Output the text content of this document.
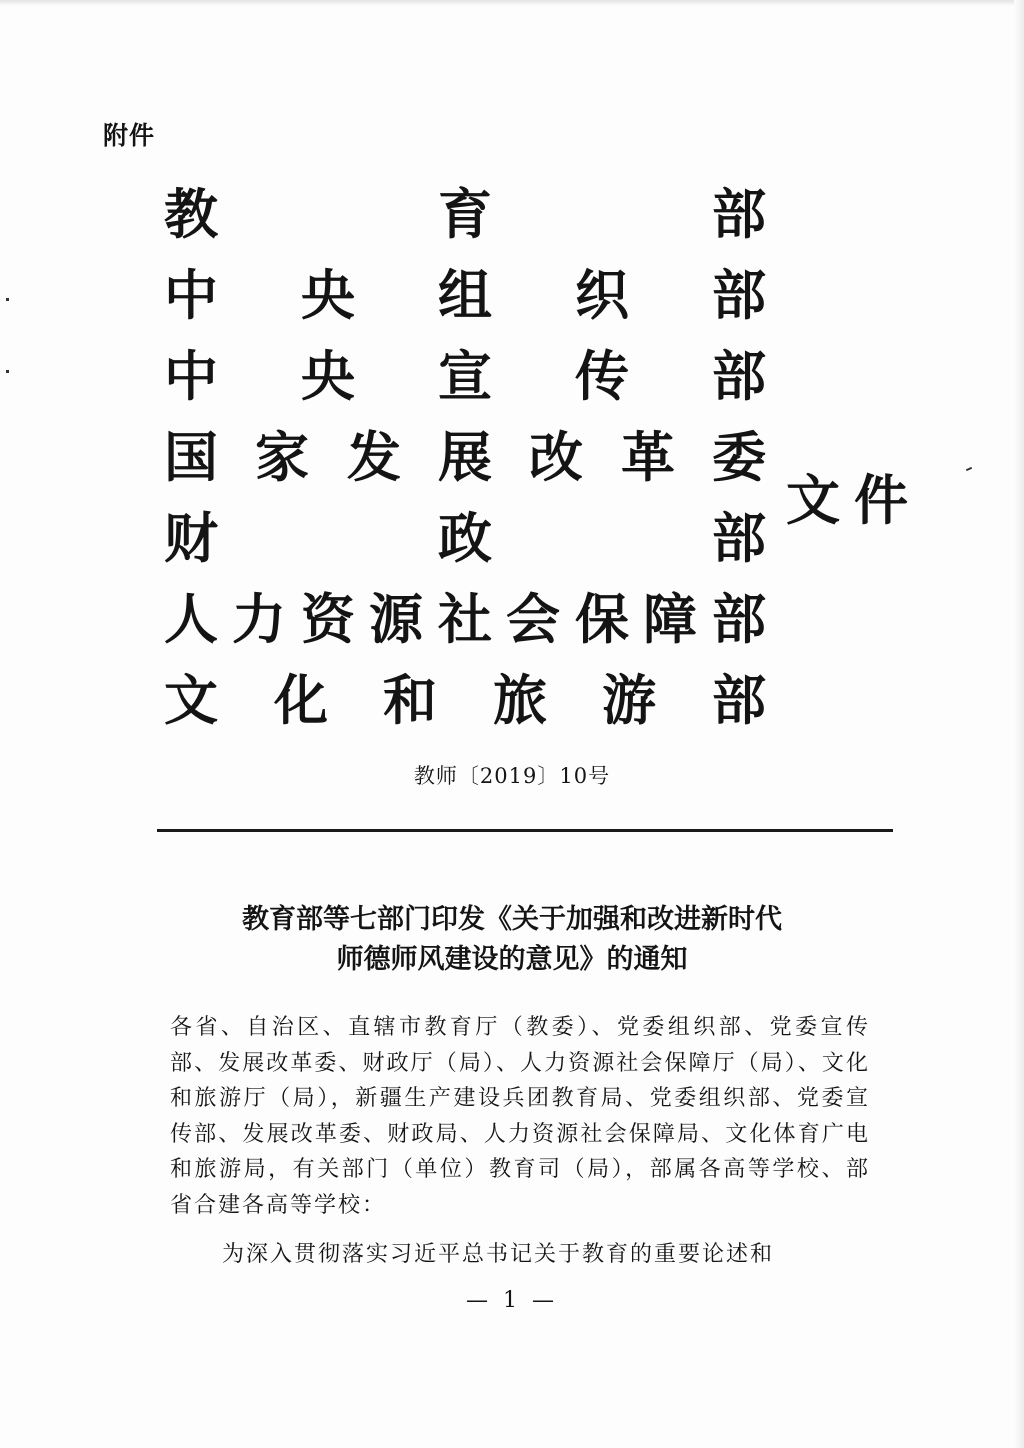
附件
教	育	部
中 央 组 织 部
中 央 宣 传 部
国 家 发 展 改 革 委
财	政	部
人 力 资 源 社 会 保 障 部
文 化 和 旅 游 部
文件
教师〔2019〕10号
教育部等七部门印发《关于加强和改进新时代
师德师风建设的意见》的通知
各省、自治区、直辖市教育厅（教委）、党委组织部、党委宣传部、发展改革委、财政厅（局）、人力资源社会保障厅（局）、文化和旅游厅（局），新疆生产建设兵团教育局、党委组织部、党委宣传部、发展改革委、财政局、人力资源社会保障局、文化体育广电和旅游局，有关部门（单位）教育司（局），部属各高等学校、部省合建各高等学校：
为深入贯彻落实习近平总书记关于教育的重要论述和
— 1 —
